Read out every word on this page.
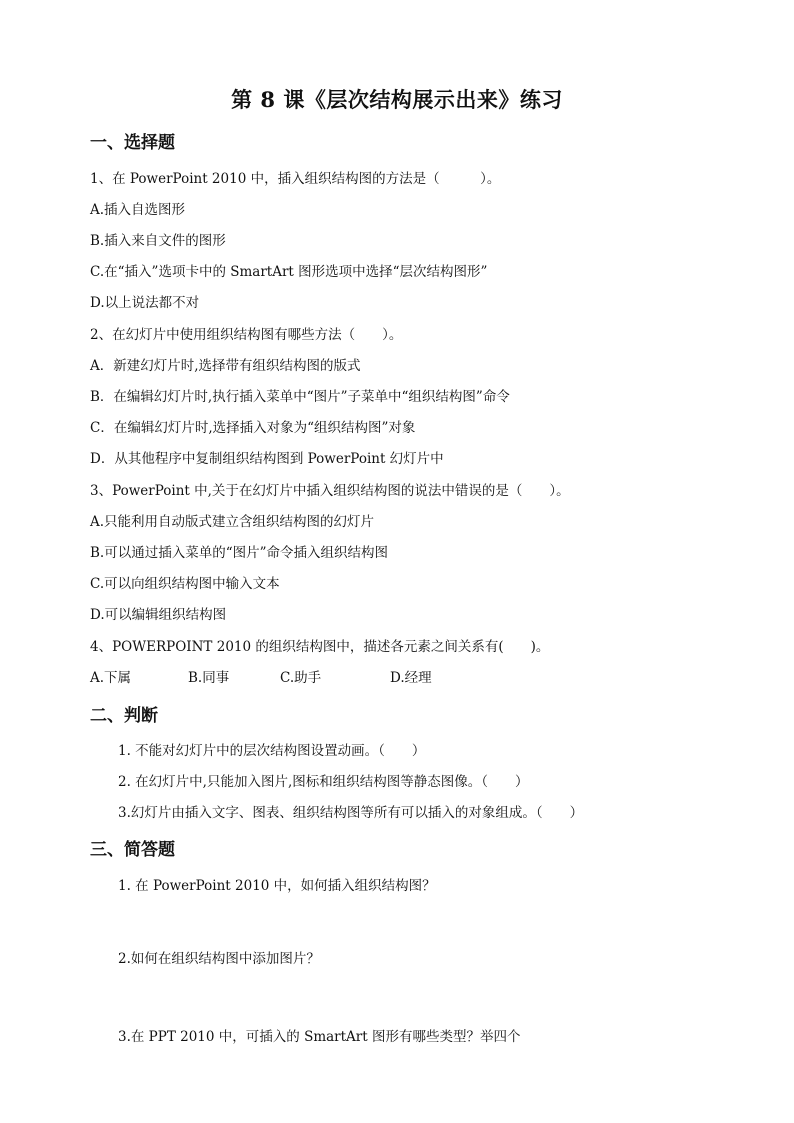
第 8 课《层次结构展示出来》练习
一、选择题
1、在 PowerPoint 2010 中，插入组织结构图的方法是（　　　）。
A.插入自选图形
B.插入来自文件的图形
C.在“插入”选项卡中的 SmartArt 图形选项中选择“层次结构图形”
D.以上说法都不对
2、在幻灯片中使用组织结构图有哪些方法（　　）。
A．新建幻灯片时,选择带有组织结构图的版式
B．在编辑幻灯片时,执行插入菜单中“图片”子菜单中“组织结构图”命令
C．在编辑幻灯片时,选择插入对象为“组织结构图”对象
D．从其他程序中复制组织结构图到 PowerPoint 幻灯片中
3、PowerPoint 中,关于在幻灯片中插入组织结构图的说法中错误的是（　　）。
A.只能利用自动版式建立含组织结构图的幻灯片
B.可以通过插入菜单的“图片”命令插入组织结构图
C.可以向组织结构图中输入文本
D.可以编辑组织结构图
4、POWERPOINT 2010 的组织结构图中，描述各元素之间关系有(　　)。
A.下属	B.同事	C.助手	D.经理
二、判断
1. 不能对幻灯片中的层次结构图设置动画。（　　）
2. 在幻灯片中,只能加入图片,图标和组织结构图等静态图像。（　　）
3.幻灯片由插入文字、图表、组织结构图等所有可以插入的对象组成。（　　）
三、简答题
1. 在 PowerPoint 2010 中，如何插入组织结构图？
2.如何在组织结构图中添加图片？
3.在 PPT 2010 中，可插入的 SmartArt 图形有哪些类型？举四个
